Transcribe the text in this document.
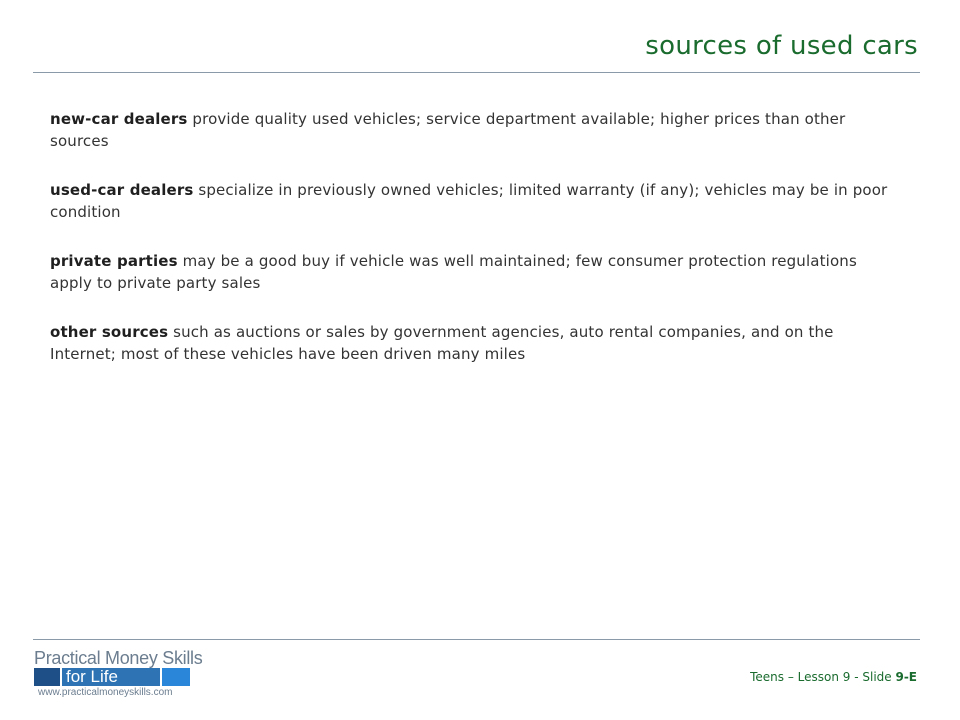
sources of used cars

new-car dealers provide quality used vehicles; service department available; higher prices than other sources

used-car dealers specialize in previously owned vehicles; limited warranty (if any); vehicles may be in poor condition

private parties may be a good buy if vehicle was well maintained; few consumer protection regulations apply to private party sales

other sources such as auctions or sales by government agencies, auto rental companies, and on the Internet; most of these vehicles have been driven many miles

Practical Money Skills
for Life
www.practicalmoneyskills.com
Teens – Lesson 9 - Slide 9-E
